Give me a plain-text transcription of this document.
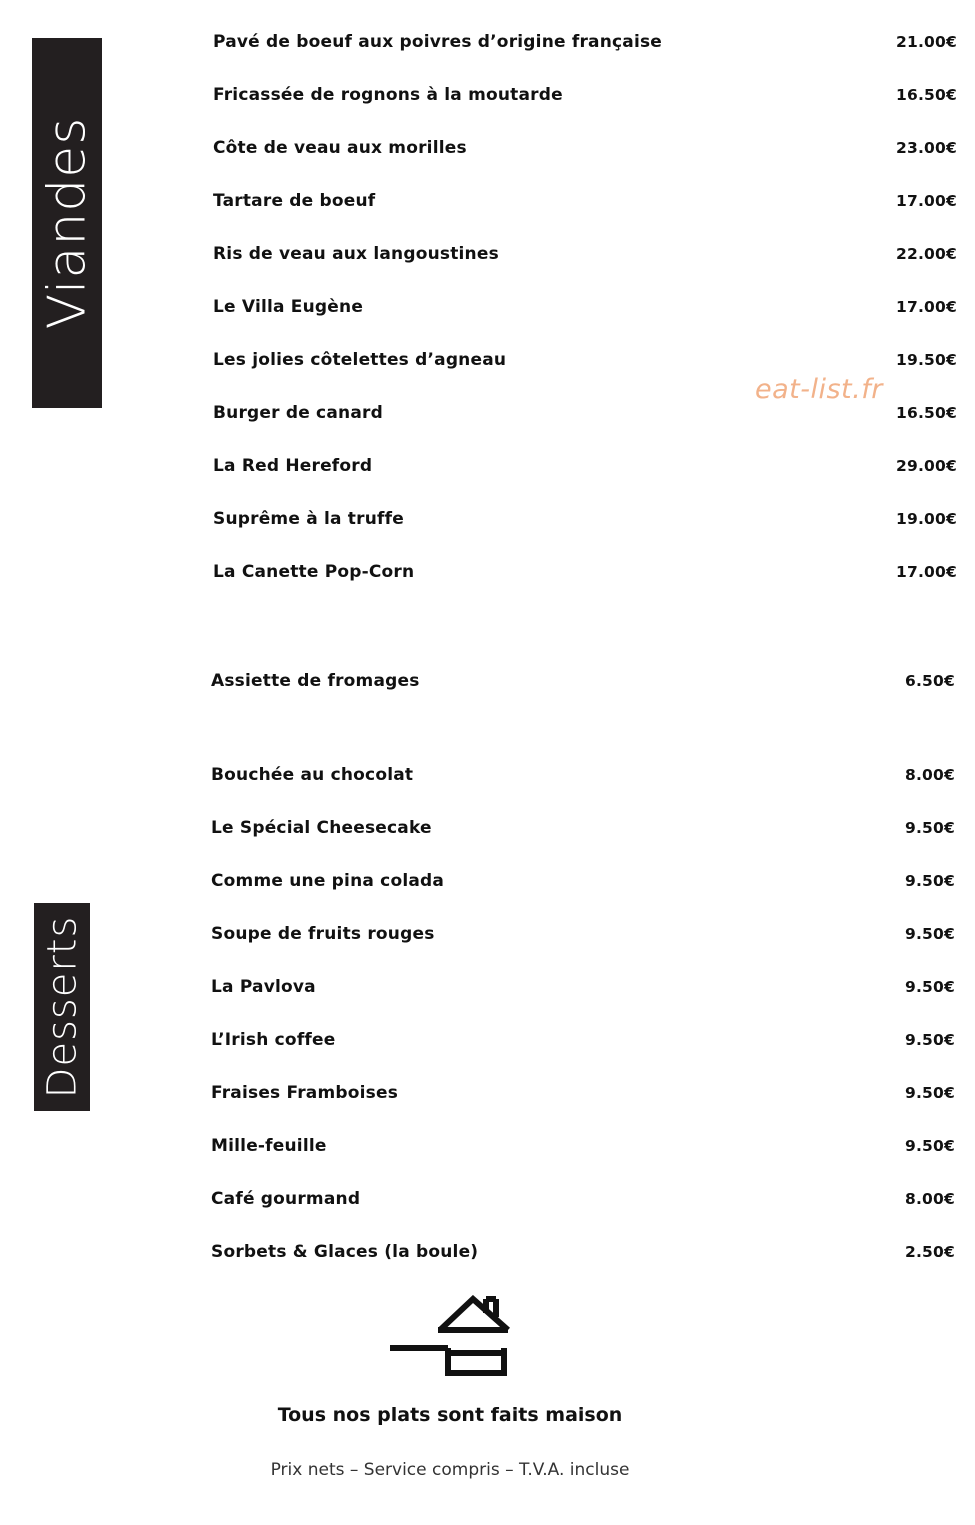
Viandes
Desserts
Pavé de boeuf aux poivres d’origine française	21.00€
Fricassée de rognons à la moutarde	16.50€
Côte de veau aux morilles	23.00€
Tartare de boeuf	17.00€
Ris de veau aux langoustines	22.00€
Le Villa Eugène	17.00€
Les jolies côtelettes d’agneau	19.50€
Burger de canard	16.50€
La Red Hereford	29.00€
Suprême à la truffe	19.00€
La Canette Pop-Corn	17.00€
Assiette de fromages	6.50€
Bouchée au chocolat	8.00€
Le Spécial Cheesecake	9.50€
Comme une pina colada	9.50€
Soupe de fruits rouges	9.50€
La Pavlova	9.50€
L’Irish coffee	9.50€
Fraises Framboises	9.50€
Mille-feuille	9.50€
Café gourmand	8.00€
Sorbets & Glaces (la boule)	2.50€
eat-list.fr
Tous nos plats sont faits maison
Prix nets – Service compris – T.V.A. incluse
